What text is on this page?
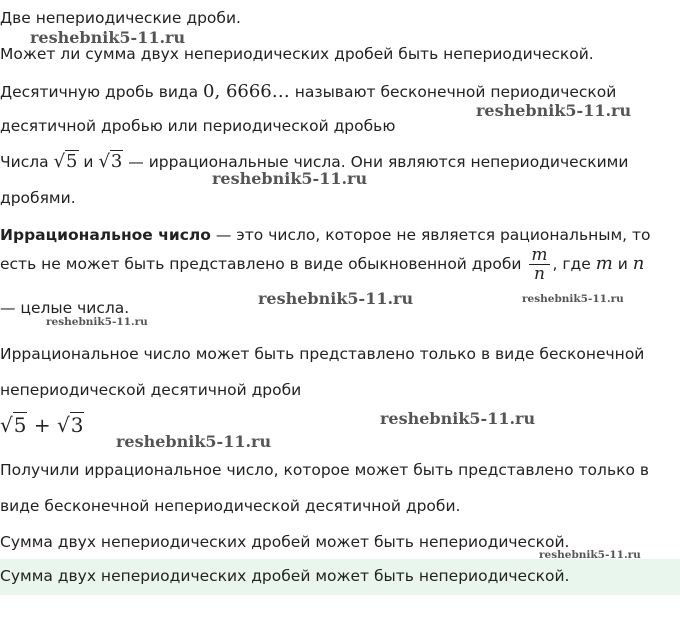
Две непериодические дроби.
Может ли сумма двух непериодических дробей быть непериодической.
Десятичную дробь вида 0, 6666… называют бесконечной периодической
десятичной дробью или периодической дробью
Числа √5 и √3 — иррациональные числа. Они являются непериодическими
дробями.
Иррациональное число — это число, которое не является рациональным, то
есть не может быть представлено в виде обыкновенной дроби $\frac{m}{n}$ , где m и n
— целые числа.
Иррациональное число может быть представлено только в виде бесконечной
непериодической десятичной дроби
√5 + √3
Получили иррациональное число, которое может быть представлено только в
виде бесконечной непериодической десятичной дроби.
Сумма двух непериодических дробей может быть непериодической.
Сумма двух непериодических дробей может быть непериодической.
reshebnik5-11.ru
reshebnik5-11.ru
reshebnik5-11.ru
reshebnik5-11.ru	reshebnik5-11.ru
reshebnik5-11.ru
reshebnik5-11.ru
reshebnik5-11.ru
reshebnik5-11.ru
